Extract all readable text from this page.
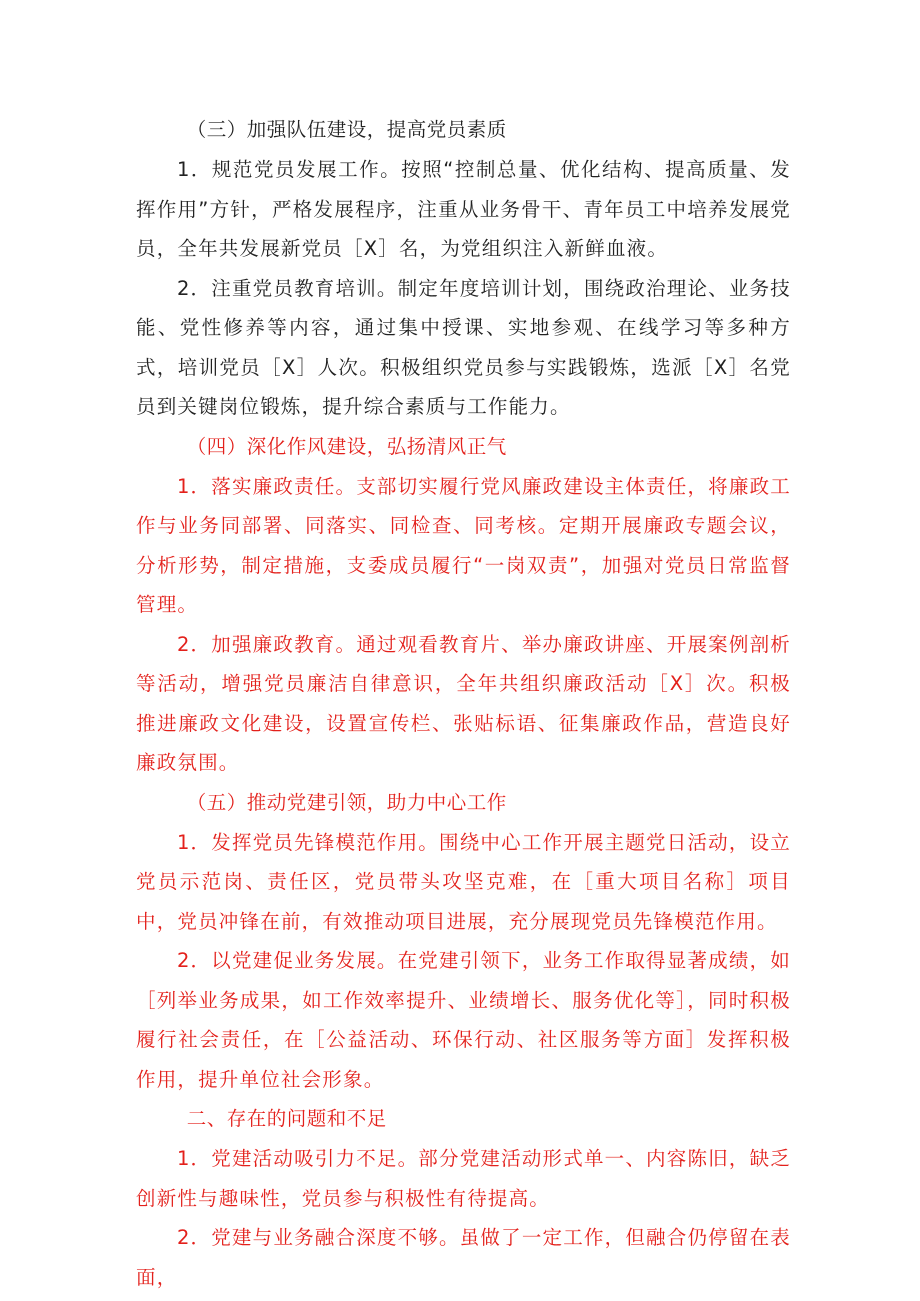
（三）加强队伍建设，提高党员素质

1．规范党员发展工作。按照“控制总量、优化结构、提高质量、发挥作用”方针，严格发展程序，注重从业务骨干、青年员工中培养发展党员，全年共发展新党员［X］名，为党组织注入新鲜血液。

2．注重党员教育培训。制定年度培训计划，围绕政治理论、业务技能、党性修养等内容，通过集中授课、实地参观、在线学习等多种方式，培训党员［X］人次。积极组织党员参与实践锻炼，选派［X］名党员到关键岗位锻炼，提升综合素质与工作能力。

（四）深化作风建设，弘扬清风正气

1．落实廉政责任。支部切实履行党风廉政建设主体责任，将廉政工作与业务同部署、同落实、同检查、同考核。定期开展廉政专题会议，分析形势，制定措施，支委成员履行“一岗双责”，加强对党员日常监督管理。

2．加强廉政教育。通过观看教育片、举办廉政讲座、开展案例剖析等活动，增强党员廉洁自律意识，全年共组织廉政活动［X］次。积极推进廉政文化建设，设置宣传栏、张贴标语、征集廉政作品，营造良好廉政氛围。

（五）推动党建引领，助力中心工作

1．发挥党员先锋模范作用。围绕中心工作开展主题党日活动，设立党员示范岗、责任区，党员带头攻坚克难，在［重大项目名称］项目中，党员冲锋在前，有效推动项目进展，充分展现党员先锋模范作用。

2．以党建促业务发展。在党建引领下，业务工作取得显著成绩，如［列举业务成果，如工作效率提升、业绩增长、服务优化等］，同时积极履行社会责任，在［公益活动、环保行动、社区服务等方面］发挥积极作用，提升单位社会形象。

二、存在的问题和不足

1．党建活动吸引力不足。部分党建活动形式单一、内容陈旧，缺乏创新性与趣味性，党员参与积极性有待提高。

2．党建与业务融合深度不够。虽做了一定工作，但融合仍停留在表面，
